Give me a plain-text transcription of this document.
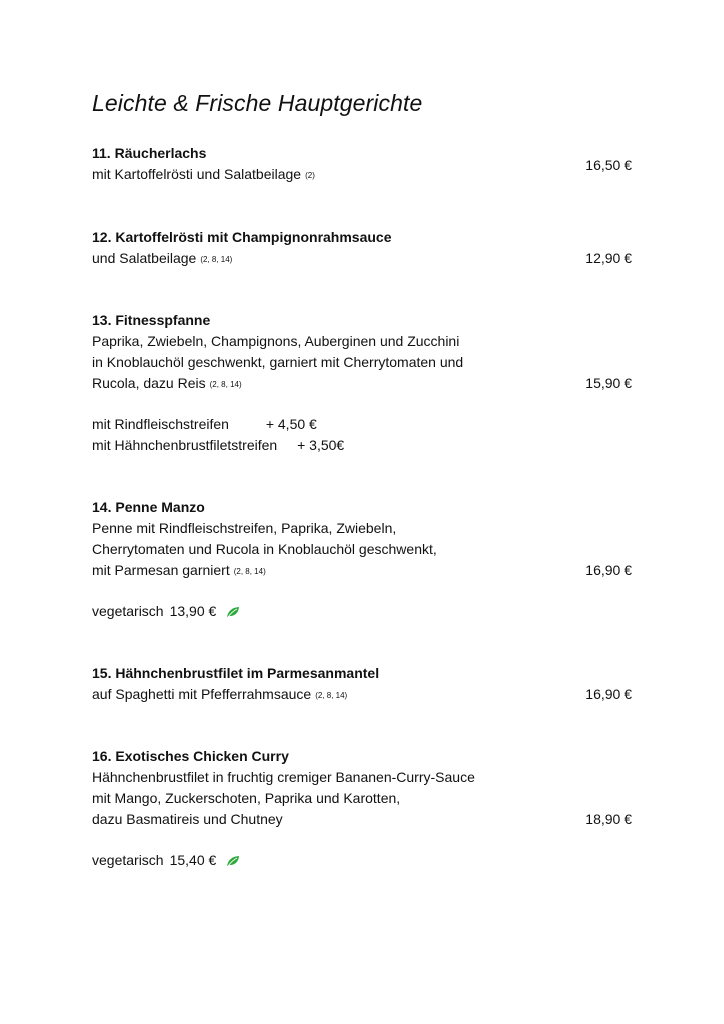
Leichte & Frische Hauptgerichte
11. Räucherlachs
mit Kartoffelrösti und Salatbeilage (2)
16,50 €
12. Kartoffelrösti mit Champignonrahmsauce
und Salatbeilage (2, 8, 14)	12,90 €
13. Fitnesspfanne
Paprika, Zwiebeln, Champignons, Auberginen und Zucchini
in Knoblauchöl geschwenkt, garniert mit Cherrytomaten und
Rucola, dazu Reis (2, 8, 14)	15,90 €
mit Rindfleischstreifen	+ 4,50 €
mit Hähnchenbrustfiletstreifen + 3,50€
14. Penne Manzo
Penne mit Rindfleischstreifen, Paprika, Zwiebeln,
Cherrytomaten und Rucola in Knoblauchöl geschwenkt,
mit Parmesan garniert (2, 8, 14)	16,90 €
vegetarisch 13,90 €
15. Hähnchenbrustfilet im Parmesanmantel
auf Spaghetti mit Pfefferrahmsauce (2, 8, 14)	16,90 €
16. Exotisches Chicken Curry
Hähnchenbrustfilet in fruchtig cremiger Bananen-Curry-Sauce
mit Mango, Zuckerschoten, Paprika und Karotten,
dazu Basmatireis und Chutney	18,90 €
vegetarisch 15,40 €
